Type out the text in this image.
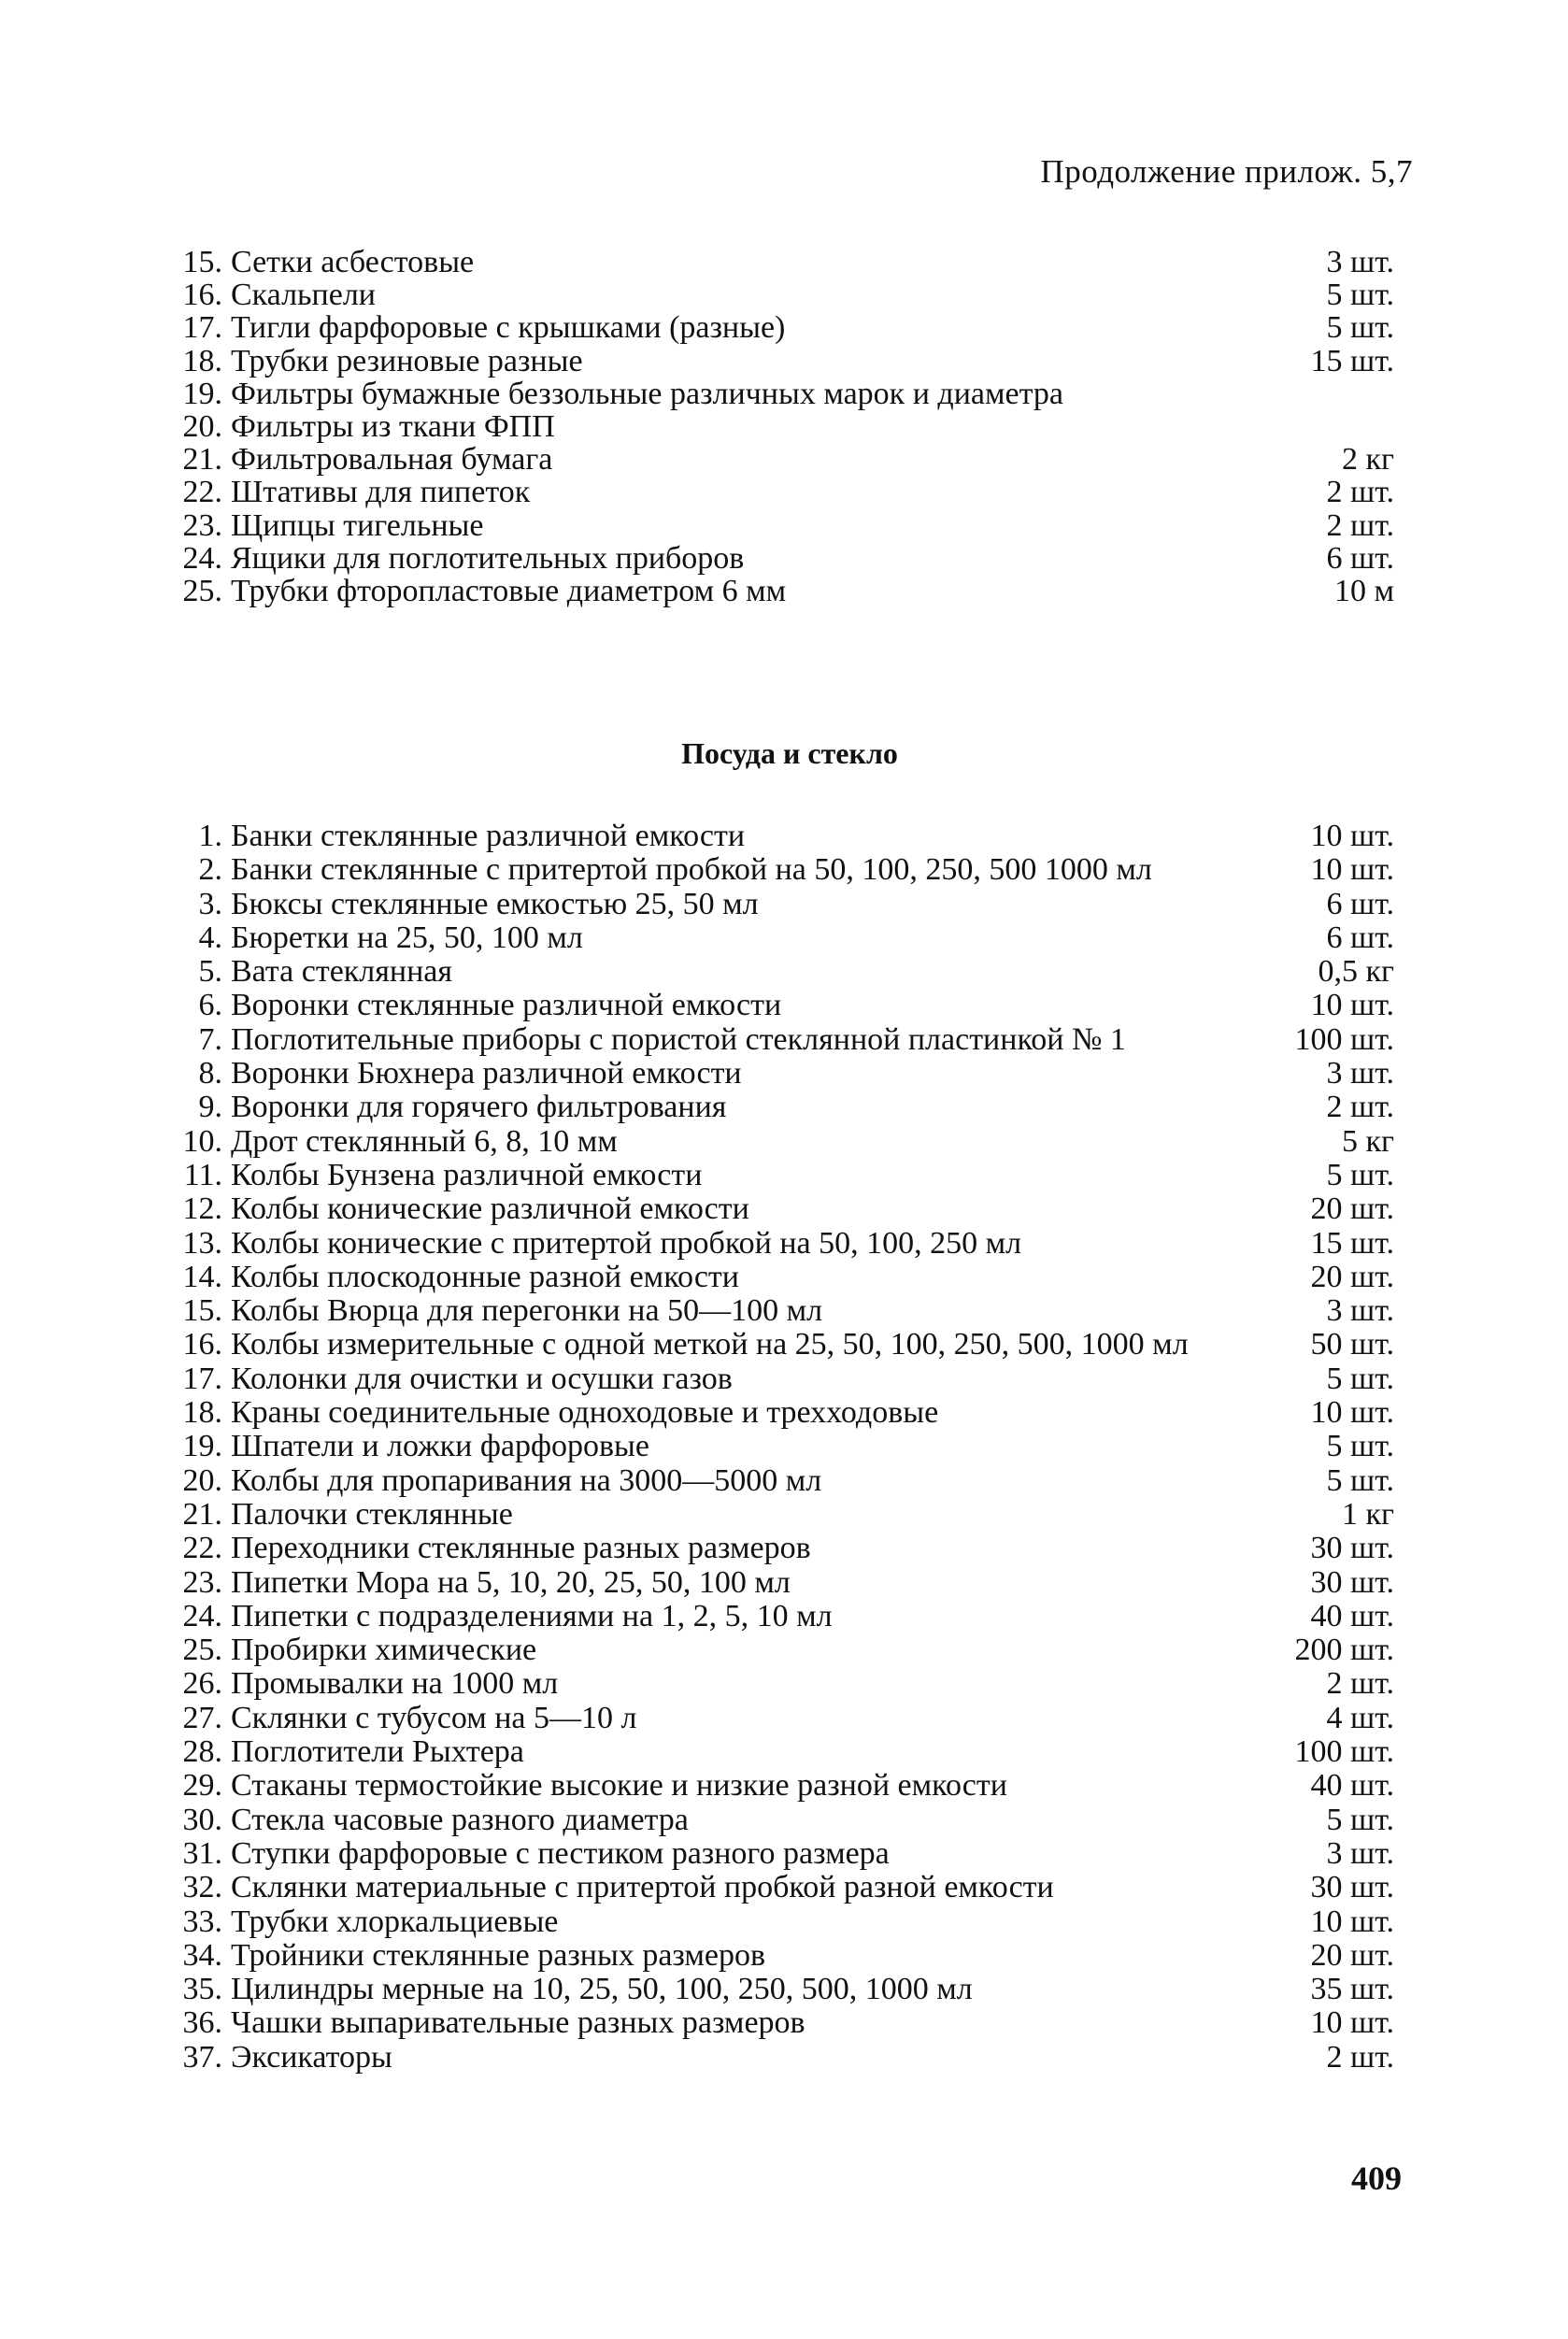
Продолжение прилож. 5,7
15. Сетки асбестовые	3 шт.
16. Скальпели	5 шт.
17. Тигли фарфоровые с крышками (разные)	5 шт.
18. Трубки резиновые разные	15 шт.
19. Фильтры бумажные беззольные различных марок и диаметра
20. Фильтры из ткани ФПП
21. Фильтровальная бумага	2 кг
22. Штативы для пипеток	2 шт.
23. Щипцы тигельные	2 шт.
24. Ящики для поглотительных приборов	6 шт.
25. Трубки фторопластовые диаметром 6 мм	10 м
Посуда и стекло
1. Банки стеклянные различной емкости	10 шт.
2. Банки стеклянные с притертой пробкой на 50, 100, 250, 500 1000 мл	10 шт.
3. Бюксы стеклянные емкостью 25, 50 мл	6 шт.
4. Бюретки на 25, 50, 100 мл	6 шт.
5. Вата стеклянная	0,5 кг
6. Воронки стеклянные различной емкости	10 шт.
7. Поглотительные приборы с пористой стеклянной пластинкой № 1	100 шт.
8. Воронки Бюхнера различной емкости	3 шт.
9. Воронки для горячего фильтрования	2 шт.
10. Дрот стеклянный 6, 8, 10 мм	5 кг
11. Колбы Бунзена различной емкости	5 шт.
12. Колбы конические различной емкости	20 шт.
13. Колбы конические с притертой пробкой на 50, 100, 250 мл	15 шт.
14. Колбы плоскодонные разной емкости	20 шт.
15. Колбы Вюрца для перегонки на 50—100 мл	3 шт.
16. Колбы измерительные с одной меткой на 25, 50, 100, 250, 500, 1000 мл	50 шт.
17. Колонки для очистки и осушки газов	5 шт.
18. Краны соединительные одноходовые и трехходовые	10 шт.
19. Шпатели и ложки фарфоровые	5 шт.
20. Колбы для пропаривания на 3000—5000 мл	5 шт.
21. Палочки стеклянные	1 кг
22. Переходники стеклянные разных размеров	30 шт.
23. Пипетки Мора на 5, 10, 20, 25, 50, 100 мл	30 шт.
24. Пипетки с подразделениями на 1, 2, 5, 10 мл	40 шт.
25. Пробирки химические	200 шт.
26. Промывалки на 1000 мл	2 шт.
27. Склянки с тубусом на 5—10 л	4 шт.
28. Поглотители Рыхтера	100 шт.
29. Стаканы термостойкие высокие и низкие разной емкости	40 шт.
30. Стекла часовые разного диаметра	5 шт.
31. Ступки фарфоровые с пестиком разного размера	3 шт.
32. Склянки материальные с притертой пробкой разной емкости	30 шт.
33. Трубки хлоркальциевые	10 шт.
34. Тройники стеклянные разных размеров	20 шт.
35. Цилиндры мерные на 10, 25, 50, 100, 250, 500, 1000 мл	35 шт.
36. Чашки выпаривательные разных размеров	10 шт.
37. Эксикаторы	2 шт.
409
